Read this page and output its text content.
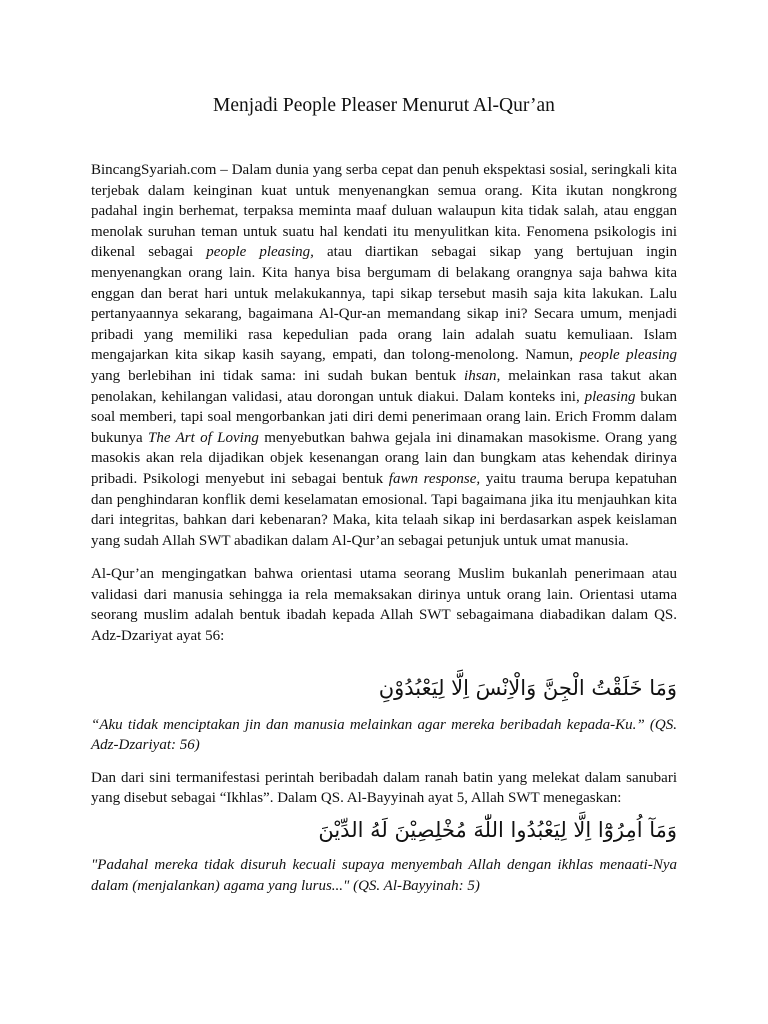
Menjadi People Pleaser Menurut Al-Qur’an

BincangSyariah.com – Dalam dunia yang serba cepat dan penuh ekspektasi sosial, seringkali kita terjebak dalam keinginan kuat untuk menyenangkan semua orang. Kita ikutan nongkrong padahal ingin berhemat, terpaksa meminta maaf duluan walaupun kita tidak salah, atau enggan menolak suruhan teman untuk suatu hal kendati itu menyulitkan kita. Fenomena psikologis ini dikenal sebagai people pleasing, atau diartikan sebagai sikap yang bertujuan ingin menyenangkan orang lain. Kita hanya bisa bergumam di belakang orangnya saja bahwa kita enggan dan berat hari untuk melakukannya, tapi sikap tersebut masih saja kita lakukan. Lalu pertanyaannya sekarang, bagaimana Al-Qur-an memandang sikap ini? Secara umum, menjadi pribadi yang memiliki rasa kepedulian pada orang lain adalah suatu kemuliaan. Islam mengajarkan kita sikap kasih sayang, empati, dan tolong-menolong. Namun, people pleasing yang berlebihan ini tidak sama: ini sudah bukan bentuk ihsan, melainkan rasa takut akan penolakan, kehilangan validasi, atau dorongan untuk diakui. Dalam konteks ini, pleasing bukan soal memberi, tapi soal mengorbankan jati diri demi penerimaan orang lain. Erich Fromm dalam bukunya The Art of Loving menyebutkan bahwa gejala ini dinamakan masokisme. Orang yang masokis akan rela dijadikan objek kesenangan orang lain dan bungkam atas kehendak dirinya pribadi. Psikologi menyebut ini sebagai bentuk fawn response, yaitu trauma berupa kepatuhan dan penghindaran konflik demi keselamatan emosional. Tapi bagaimana jika itu menjauhkan kita dari integritas, bahkan dari kebenaran? Maka, kita telaah sikap ini berdasarkan aspek keislaman yang sudah Allah SWT abadikan dalam Al-Qur’an sebagai petunjuk untuk umat manusia.

Al-Qur’an mengingatkan bahwa orientasi utama seorang Muslim bukanlah penerimaan atau validasi dari manusia sehingga ia rela memaksakan dirinya untuk orang lain. Orientasi utama seorang muslim adalah bentuk ibadah kepada Allah SWT sebagaimana diabadikan dalam QS. Adz-Dzariyat ayat 56:

وَمَا خَلَقْتُ الْجِنَّ وَالْاِنْسَ اِلَّا لِيَعْبُدُوْنِ

“Aku tidak menciptakan jin dan manusia melainkan agar mereka beribadah kepada-Ku.” (QS. Adz-Dzariyat: 56)

Dan dari sini termanifestasi perintah beribadah dalam ranah batin yang melekat dalam sanubari yang disebut sebagai “Ikhlas”. Dalam QS. Al-Bayyinah ayat 5, Allah SWT menegaskan:

وَمَآ اُمِرُوْٓا اِلَّا لِيَعْبُدُوا اللّٰهَ مُخْلِصِيْنَ لَهُ الدِّيْنَ

"Padahal mereka tidak disuruh kecuali supaya menyembah Allah dengan ikhlas menaati-Nya dalam (menjalankan) agama yang lurus..." (QS. Al-Bayyinah: 5)
